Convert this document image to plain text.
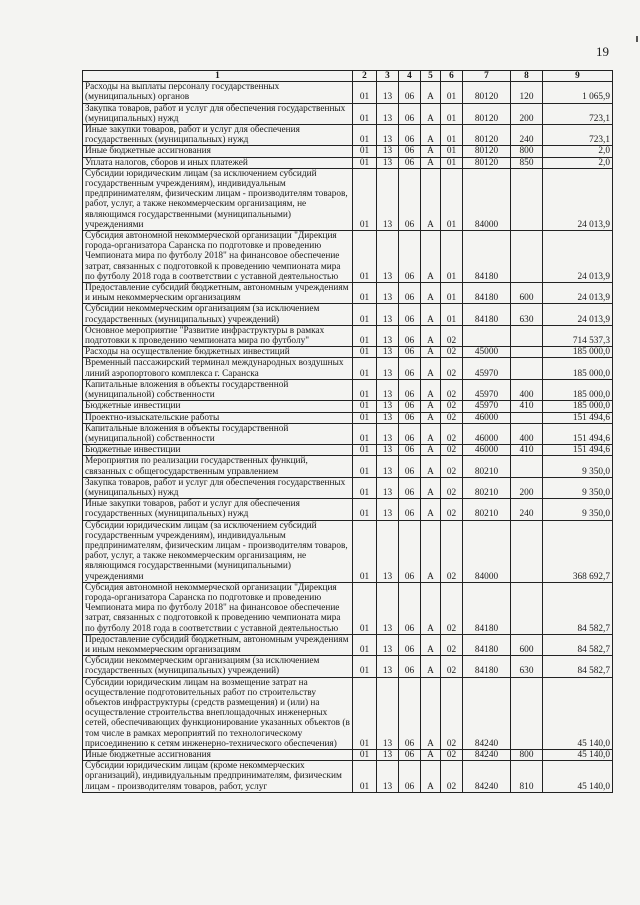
19
1	2	3	4	5	6	7	8	9
Расходы на выплаты персоналу государственных (муниципальных) органов	01	13	06	А	01	80120	120	1 065,9
Закупка товаров, работ и услуг для обеспечения государственных (муниципальных) нужд	01	13	06	А	01	80120	200	723,1
Иные закупки товаров, работ и услуг для обеспечения государственных (муниципальных) нужд	01	13	06	А	01	80120	240	723,1
Иные бюджетные ассигнования	01	13	06	А	01	80120	800	2,0
Уплата налогов, сборов и иных платежей	01	13	06	А	01	80120	850	2,0
Субсидии юридическим лицам (за исключением субсидий государственным учреждениям), индивидуальным предпринимателям, физическим лицам - производителям товаров, работ, услуг, а также некоммерческим организациям, не являющимся государственными (муниципальными) учреждениями	01	13	06	А	01	84000		24 013,9
Субсидия автономной некоммерческой организации "Дирекция города-организатора Саранска по подготовке и проведению Чемпионата мира по футболу 2018" на финансовое обеспечение затрат, связанных с подготовкой к проведению чемпионата мира по футболу 2018 года в соответствии с уставной деятельностью	01	13	06	А	01	84180		24 013,9
Предоставление субсидий бюджетным, автономным учреждениям и иным некоммерческим организациям	01	13	06	А	01	84180	600	24 013,9
Субсидии некоммерческим организациям (за исключением государственных (муниципальных) учреждений)	01	13	06	А	01	84180	630	24 013,9
Основное мероприятие "Развитие инфраструктуры в рамках подготовки к проведению чемпионата мира по футболу"	01	13	06	А	02			714 537,3
Расходы на осуществление бюджетных инвестиций	01	13	06	А	02	45000		185 000,0
Временный пассажирский терминал международных воздушных линий аэропортового комплекса г. Саранска	01	13	06	А	02	45970		185 000,0
Капитальные вложения в объекты государственной (муниципальной) собственности	01	13	06	А	02	45970	400	185 000,0
Бюджетные инвестиции	01	13	06	А	02	45970	410	185 000,0
Проектно-изыскательские работы	01	13	06	А	02	46000		151 494,6
Капитальные вложения в объекты государственной (муниципальной) собственности	01	13	06	А	02	46000	400	151 494,6
Бюджетные инвестиции	01	13	06	А	02	46000	410	151 494,6
Мероприятия по реализации государственных функций, связанных с общегосударственным управлением	01	13	06	А	02	80210		9 350,0
Закупка товаров, работ и услуг для обеспечения государственных (муниципальных) нужд	01	13	06	А	02	80210	200	9 350,0
Иные закупки товаров, работ и услуг для обеспечения государственных (муниципальных) нужд	01	13	06	А	02	80210	240	9 350,0
Субсидии юридическим лицам (за исключением субсидий государственным учреждениям), индивидуальным предпринимателям, физическим лицам - производителям товаров, работ, услуг, а также некоммерческим организациям, не являющимся государственными (муниципальными) учреждениями	01	13	06	А	02	84000		368 692,7
Субсидия автономной некоммерческой организации "Дирекция города-организатора Саранска по подготовке и проведению Чемпионата мира по футболу 2018" на финансовое обеспечение затрат, связанных с подготовкой к проведению чемпионата мира по футболу 2018 года в соответствии с уставной деятельностью	01	13	06	А	02	84180		84 582,7
Предоставление субсидий бюджетным, автономным учреждениям и иным некоммерческим организациям	01	13	06	А	02	84180	600	84 582,7
Субсидии некоммерческим организациям (за исключением государственных (муниципальных) учреждений)	01	13	06	А	02	84180	630	84 582,7
Субсидии юридическим лицам на возмещение затрат на осуществление подготовительных работ по строительству объектов инфраструктуры (средств размещения) и (или) на осуществление строительства внеплощадочных инженерных сетей, обеспечивающих функционирование указанных объектов (в том числе в рамках мероприятий по технологическому присоединению к сетям инженерно-технического обеспечения)	01	13	06	А	02	84240		45 140,0
Иные бюджетные ассигнования	01	13	06	А	02	84240	800	45 140,0
Субсидии юридическим лицам (кроме некоммерческих организаций), индивидуальным предпринимателям, физическим лицам - производителям товаров, работ, услуг	01	13	06	А	02	84240	810	45 140,0
